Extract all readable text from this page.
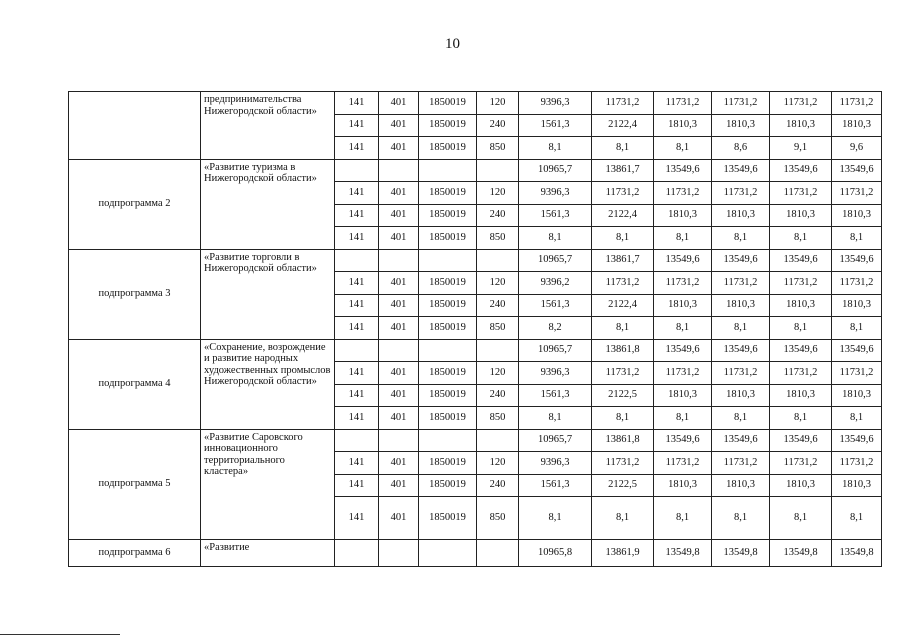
10
	предпринимательства Нижегородской области»	141	401	1850019	120	9396,3	11731,2	11731,2	11731,2	11731,2	11731,2
		141	401	1850019	240	1561,3	2122,4	1810,3	1810,3	1810,3	1810,3
		141	401	1850019	850	8,1	8,1	8,1	8,6	9,1	9,6
подпрограмма 2	«Развитие туризма в Нижегородской области»					10965,7	13861,7	13549,6	13549,6	13549,6	13549,6
		141	401	1850019	120	9396,3	11731,2	11731,2	11731,2	11731,2	11731,2
		141	401	1850019	240	1561,3	2122,4	1810,3	1810,3	1810,3	1810,3
		141	401	1850019	850	8,1	8,1	8,1	8,1	8,1	8,1
подпрограмма 3	«Развитие торговли в Нижегородской области»					10965,7	13861,7	13549,6	13549,6	13549,6	13549,6
		141	401	1850019	120	9396,2	11731,2	11731,2	11731,2	11731,2	11731,2
		141	401	1850019	240	1561,3	2122,4	1810,3	1810,3	1810,3	1810,3
		141	401	1850019	850	8,2	8,1	8,1	8,1	8,1	8,1
подпрограмма 4	«Сохранение, возрождение и развитие народных художественных промыслов Нижегородской области»					10965,7	13861,8	13549,6	13549,6	13549,6	13549,6
		141	401	1850019	120	9396,3	11731,2	11731,2	11731,2	11731,2	11731,2
		141	401	1850019	240	1561,3	2122,5	1810,3	1810,3	1810,3	1810,3
		141	401	1850019	850	8,1	8,1	8,1	8,1	8,1	8,1
подпрограмма 5	«Развитие Саровского инновационного территориального кластера»					10965,7	13861,8	13549,6	13549,6	13549,6	13549,6
		141	401	1850019	120	9396,3	11731,2	11731,2	11731,2	11731,2	11731,2
		141	401	1850019	240	1561,3	2122,5	1810,3	1810,3	1810,3	1810,3
		141	401	1850019	850	8,1	8,1	8,1	8,1	8,1	8,1
подпрограмма 6	«Развитие					10965,8	13861,9	13549,8	13549,8	13549,8	13549,8
